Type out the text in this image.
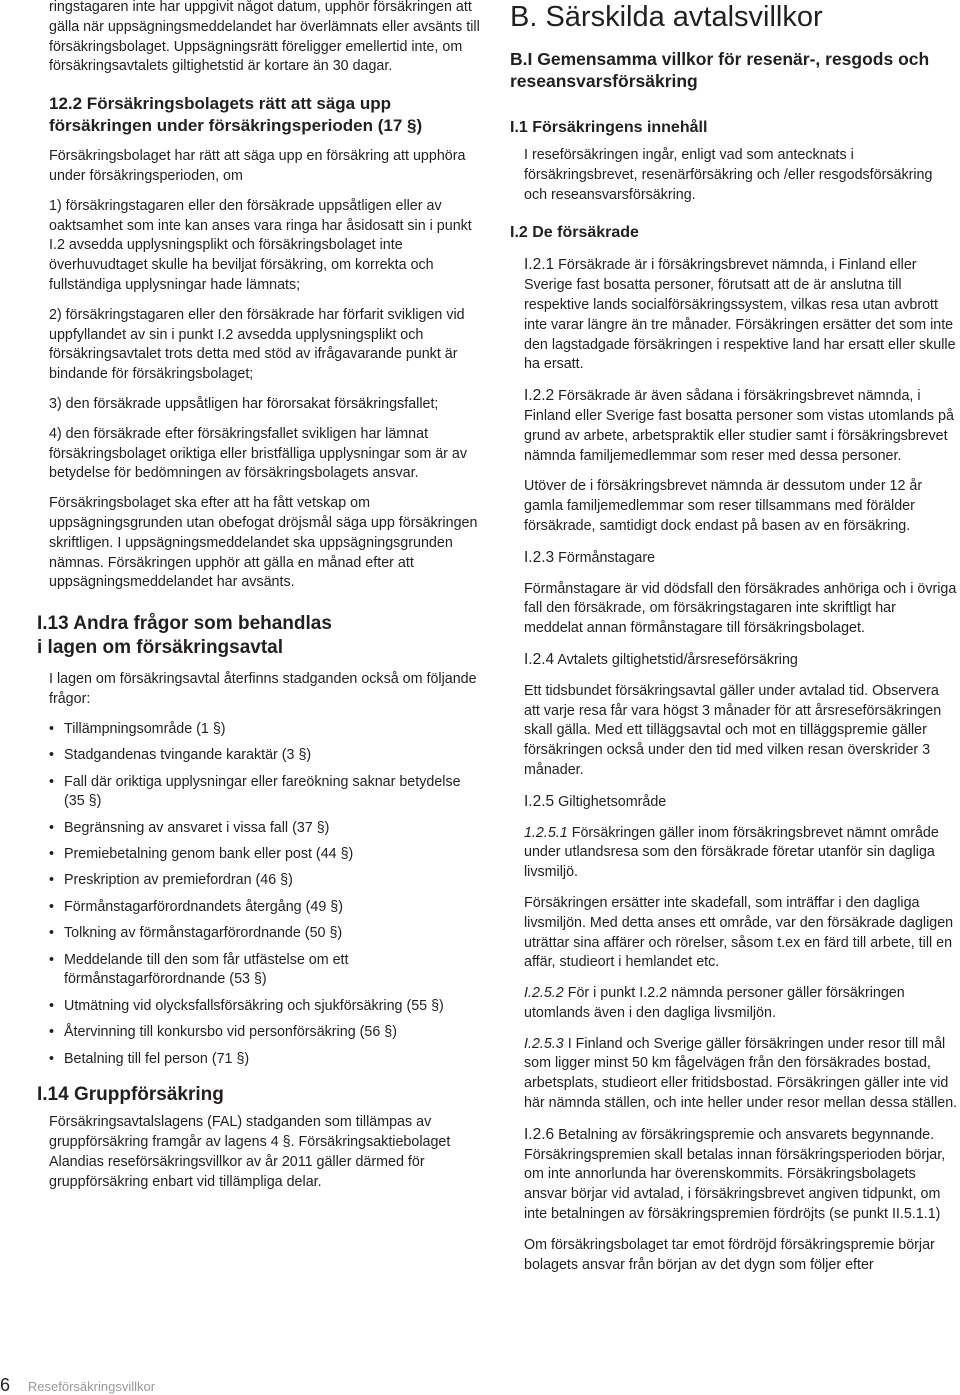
ringstagaren inte har uppgivit något datum, upphör försäkringen att gälla när uppsägningsmeddelandet har överlämnats eller avsänts till försäkringsbolaget. Uppsägningsrätt föreligger emellertid inte, om försäkringsavtalets giltighetstid är kortare än 30 dagar.

12.2 Försäkringsbolagets rätt att säga upp försäkringen under försäkringsperioden (17 §)

Försäkringsbolaget har rätt att säga upp en försäkring att upphöra under försäkringsperioden, om

1) försäkringstagaren eller den försäkrade uppsåtligen eller av oaktsamhet som inte kan anses vara ringa har åsidosatt sin i punkt I.2 avsedda upplysningsplikt och försäkringsbolaget inte överhuvudtaget skulle ha beviljat försäkring, om korrekta och fullständiga upplysningar hade lämnats;

2) försäkringstagaren eller den försäkrade har förfarit svikligen vid uppfyllandet av sin i punkt I.2 avsedda upplysningsplikt och försäkringsavtalet trots detta med stöd av ifrågavarande punkt är bindande för försäkringsbolaget;

3) den försäkrade uppsåtligen har förorsakat försäkringsfallet;

4) den försäkrade efter försäkringsfallet svikligen har lämnat försäkringsbolaget oriktiga eller bristfälliga upplysningar som är av betydelse för bedömningen av försäkringsbolagets ansvar.

Försäkringsbolaget ska efter att ha fått vetskap om uppsägningsgrunden utan obefogat dröjsmål säga upp försäkringen skriftligen. I uppsägningsmeddelandet ska uppsägningsgrunden nämnas. Försäkringen upphör att gälla en månad efter att uppsägningsmeddelandet har avsänts.

I.13 Andra frågor som behandlas i lagen om försäkringsavtal

I lagen om försäkringsavtal återfinns stadganden också om följande frågor:

• Tillämpningsområde (1 §)
• Stadgandenas tvingande karaktär (3 §)
• Fall där oriktiga upplysningar eller fareökning saknar betydelse (35 §)
• Begränsning av ansvaret i vissa fall (37 §)
• Premiebetalning genom bank eller post (44 §)
• Preskription av premiefordran (46 §)
• Förmånstagarförordnandets återgång (49 §)
• Tolkning av förmånstagarförordnande (50 §)
• Meddelande till den som får utfästelse om ett förmånstagarförordnande (53 §)
• Utmätning vid olycksfallsförsäkring och sjukförsäkring (55 §)
• Återvinning till konkursbo vid personförsäkring (56 §)
• Betalning till fel person (71 §)
I.14 Gruppförsäkring

Försäkringsavtalslagens (FAL) stadganden som tillämpas av gruppförsäkring framgår av lagens 4 §. Försäkringsaktiebolaget Alandias reseförsäkringsvillkor av år 2011 gäller därmed för gruppförsäkring enbart vid tillämpliga delar.

B. Särskilda avtalsvillkor
B.I Gemensamma villkor för resenär-, resgods och reseansvarsförsäkring
I.1 Försäkringens innehåll

I reseförsäkringen ingår, enligt vad som antecknats i försäkringsbrevet, resenärförsäkring och /eller resgodsförsäkring och reseansvarsförsäkring.

I.2 De försäkrade
I.2.1 Försäkrade är i försäkringsbrevet nämnda, i Finland eller Sverige fast bosatta personer, förutsatt att de är anslutna till respektive lands socialförsäkringssystem, vilkas resa utan avbrott inte varar längre än tre månader. Försäkringen ersätter det som inte den lagstadgade försäkringen i respektive land har ersatt eller skulle ha ersatt.
I.2.2 Försäkrade är även sådana i försäkringsbrevet nämnda, i Finland eller Sverige fast bosatta personer som vistas utomlands på grund av arbete, arbetspraktik eller studier samt i försäkringsbrevet nämnda familjemedlemmar som reser med dessa personer.

Utöver de i försäkringsbrevet nämnda är dessutom under 12 år gamla familjemedlemmar som reser tillsammans med förälder försäkrade, samtidigt dock endast på basen av en försäkring.

I.2.3 Förmånstagare

Förmånstagare är vid dödsfall den försäkrades anhöriga och i övriga fall den försäkrade, om försäkringstagaren inte skriftligt har meddelat annan förmånstagare till försäkringsbolaget.

I.2.4 Avtalets giltighetstid/årsreseförsäkring

Ett tidsbundet försäkringsavtal gäller under avtalad tid. Observera att varje resa får vara högst 3 månader för att årsreseförsäkringen skall gälla. Med ett tilläggsavtal och mot en tilläggspremie gäller försäkringen också under den tid med vilken resan överskrider 3 månader.

I.2.5 Giltighetsområde
1.2.5.1 Försäkringen gäller inom försäkringsbrevet nämnt område under utlandsresa som den försäkrade företar utanför sin dagliga livsmiljö.

Försäkringen ersätter inte skadefall, som inträffar i den dagliga livsmiljön. Med detta anses ett område, var den försäkrade dagligen uträttar sina affärer och rörelser, såsom t.ex en färd till arbete, till en affär, studieort i hemlandet etc.

I.2.5.2 För i punkt I.2.2 nämnda personer gäller försäkringen utomlands även i den dagliga livsmiljön.
I.2.5.3 I Finland och Sverige gäller försäkringen under resor till mål som ligger minst 50 km fågelvägen från den försäkrades bostad, arbetsplats, studieort eller fritidsbostad. Försäkringen gäller inte vid här nämnda ställen, och inte heller under resor mellan dessa ställen.
I.2.6 Betalning av försäkringspremie och ansvarets begynnande. Försäkringspremien skall betalas innan försäkringsperioden börjar, om inte annorlunda har överenskommits. Försäkringsbolagets ansvar börjar vid avtalad, i försäkringsbrevet angiven tidpunkt, om inte betalningen av försäkringspremien fördröjts (se punkt II.5.1.1)

Om försäkringsbolaget tar emot fördröjd försäkringspremie börjar bolagets ansvar från början av det dygn som följer efter

6 Reseförsäkringsvillkor
